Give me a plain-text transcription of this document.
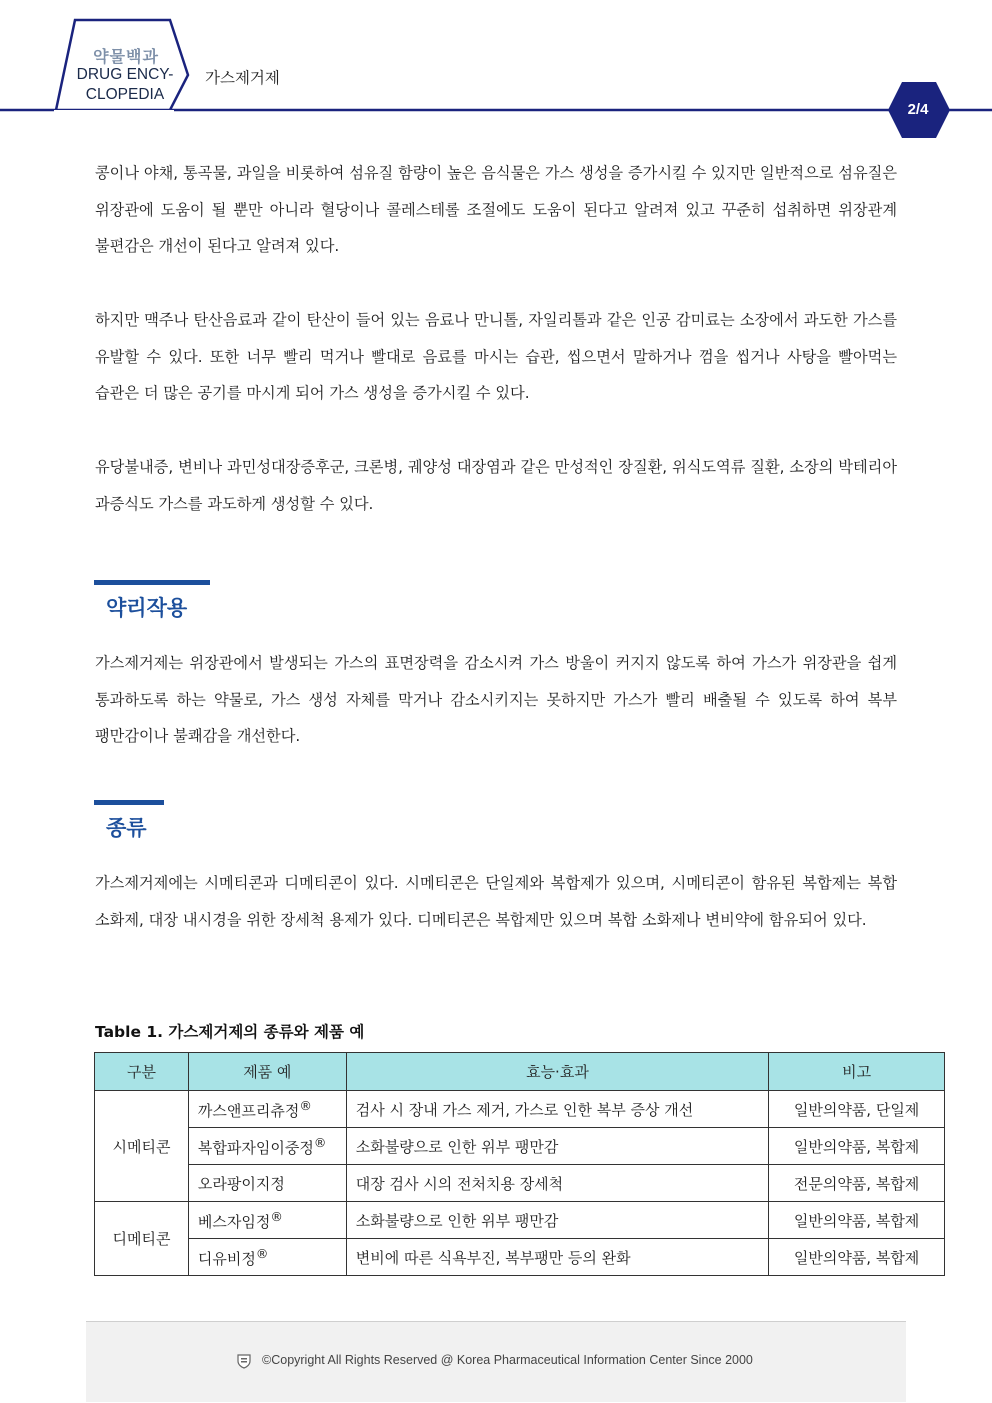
약물백과
DRUG ENCY-
CLOPEDIA
가스제거제
2/4

콩이나 야채, 통곡물, 과일을 비롯하여 섬유질 함량이 높은 음식물은 가스 생성을 증가시킬 수 있지만 일반적으로 섬유질은 위장관에 도움이 될 뿐만 아니라 혈당이나 콜레스테롤 조절에도 도움이 된다고 알려져 있고 꾸준히 섭취하면 위장관계 불편감은 개선이 된다고 알려져 있다.

하지만 맥주나 탄산음료과 같이 탄산이 들어 있는 음료나 만니톨, 자일리톨과 같은 인공 감미료는 소장에서 과도한 가스를 유발할 수 있다. 또한 너무 빨리 먹거나 빨대로 음료를 마시는 습관, 씹으면서 말하거나 껌을 씹거나 사탕을 빨아먹는 습관은 더 많은 공기를 마시게 되어 가스 생성을 증가시킬 수 있다.

유당불내증, 변비나 과민성대장증후군, 크론병, 궤양성 대장염과 같은 만성적인 장질환, 위식도역류 질환, 소장의 박테리아 과증식도 가스를 과도하게 생성할 수 있다.

약리작용

가스제거제는 위장관에서 발생되는 가스의 표면장력을 감소시켜 가스 방울이 커지지 않도록 하여 가스가 위장관을 쉽게 통과하도록 하는 약물로, 가스 생성 자체를 막거나 감소시키지는 못하지만 가스가 빨리 배출될 수 있도록 하여 복부 팽만감이나 불쾌감을 개선한다.

종류

가스제거제에는 시메티콘과 디메티콘이 있다. 시메티콘은 단일제와 복합제가 있으며, 시메티콘이 함유된 복합제는 복합 소화제, 대장 내시경을 위한 장세척 용제가 있다. 디메티콘은 복합제만 있으며 복합 소화제나 변비약에 함유되어 있다.

Table 1. 가스제거제의 종류와 제품 예

구분	제품 예	효능·효과	비고
시메티콘	까스앤프리츄정®	검사 시 장내 가스 제거, 가스로 인한 복부 증상 개선	일반의약품, 단일제
	복합파자임이중정®	소화불량으로 인한 위부 팽만감	일반의약품, 복합제
	오라팡이지정	대장 검사 시의 전처치용 장세척	전문의약품, 복합제
디메티콘	베스자임정®	소화불량으로 인한 위부 팽만감	일반의약품, 복합제
	디유비정®	변비에 따른 식욕부진, 복부팽만 등의 완화	일반의약품, 복합제
©Copyright All Rights Reserved @ Korea Pharmaceutical Information Center Since 2000
